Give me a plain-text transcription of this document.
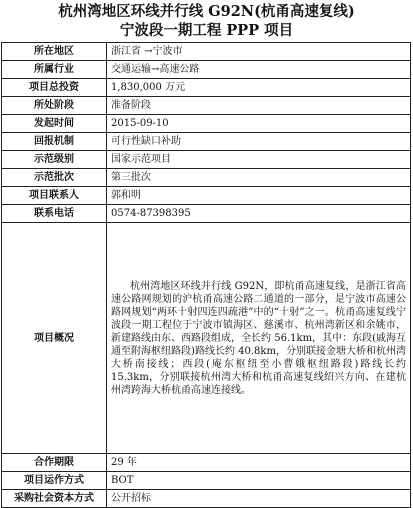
杭州湾地区环线并行线 G92N(杭甬高速复线)
宁波段一期工程 PPP 项目
所在地区	浙江省 →宁波市
所属行业	交通运输→高速公路
项目总投资	1,830,000 万元
所处阶段	准备阶段
发起时间	2015-09-10
回报机制	可行性缺口补助
示范级别	国家示范项目
示范批次	第三批次
项目联系人	郭和明
联系电话	0574-87398395
项目概况	杭州湾地区环线并行线 G92N，即杭甬高速复线，是浙江省高速公路网规划的沪杭甬高速公路二通道的一部分，是宁波市高速公路网规划“两环十射四连四疏港”中的“十射”之一。杭甬高速复线宁波段一期工程位于宁波市镇海区、慈溪市、杭州湾新区和余姚市，新建路线由东、西路段组成，全长约 56.1km，其中：东段(戚海互通至附海枢纽路段)路线长约 40.8km，分别联接金塘大桥和杭州湾大桥南接线；西段(庵东枢纽至小曹娥枢纽路段)路线长约 15.3km，分别联接杭州湾大桥和杭甬高速复线绍兴方向、在建杭州湾跨海大桥杭甬高速连接线。
合作期限	29 年
项目运作方式	BOT
采购社会资本方式	公开招标
